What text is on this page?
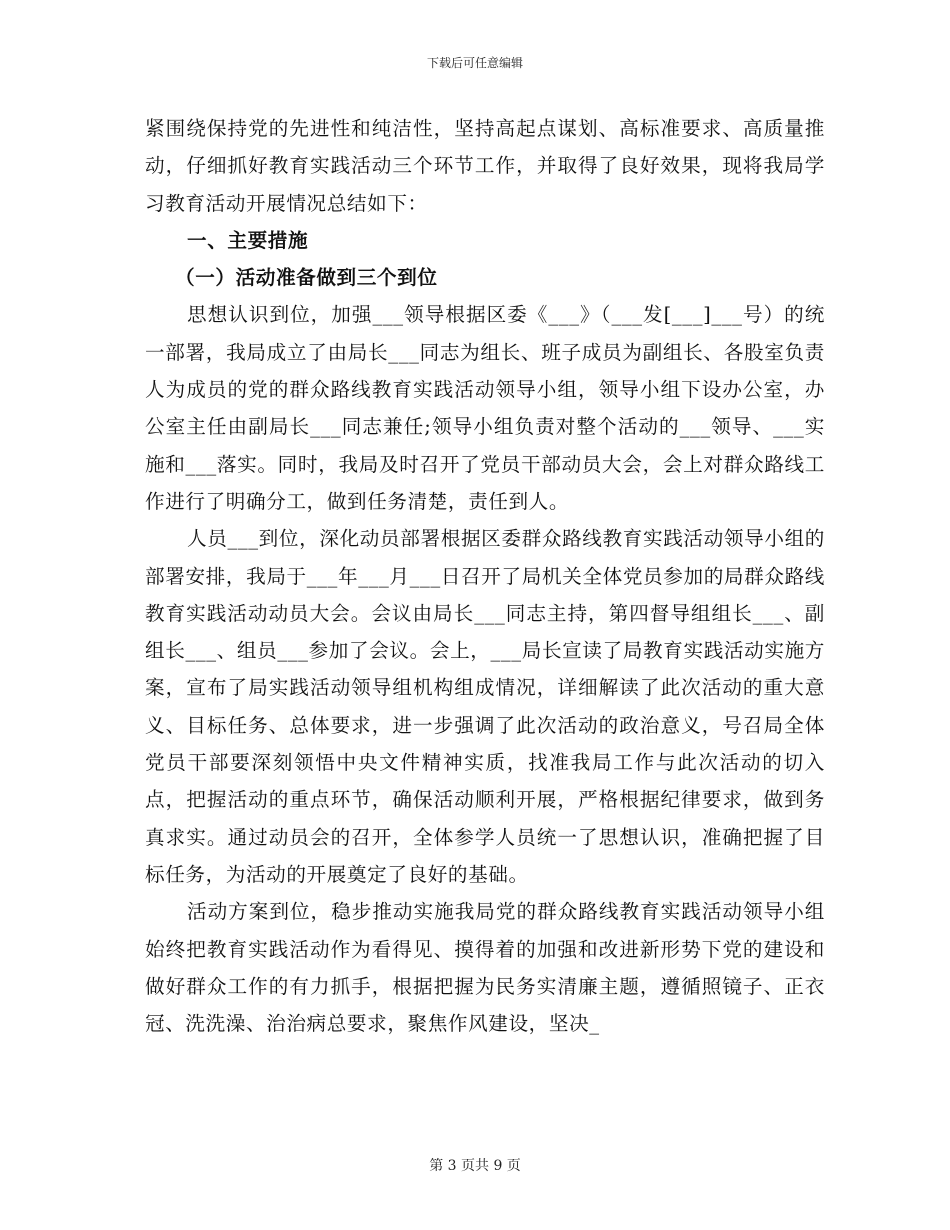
下载后可任意编辑

紧围绕保持党的先进性和纯洁性，坚持高起点谋划、高标准要求、高质量推动，仔细抓好教育实践活动三个环节工作，并取得了良好效果，现将我局学习教育活动开展情况总结如下：

一、主要措施

（一）活动准备做到三个到位

思想认识到位，加强___领导根据区委《___》（___发[___]___号）的统一部署，我局成立了由局长___同志为组长、班子成员为副组长、各股室负责人为成员的党的群众路线教育实践活动领导小组，领导小组下设办公室，办公室主任由副局长___同志兼任;领导小组负责对整个活动的___领导、___实施和___落实。同时，我局及时召开了党员干部动员大会，会上对群众路线工作进行了明确分工，做到任务清楚，责任到人。

人员___到位，深化动员部署根据区委群众路线教育实践活动领导小组的部署安排，我局于___年___月___日召开了局机关全体党员参加的局群众路线教育实践活动动员大会。会议由局长___同志主持，第四督导组组长___、副组长___、组员___参加了会议。会上，___局长宣读了局教育实践活动实施方案，宣布了局实践活动领导组机构组成情况，详细解读了此次活动的重大意义、目标任务、总体要求，进一步强调了此次活动的政治意义，号召局全体党员干部要深刻领悟中央文件精神实质，找准我局工作与此次活动的切入点，把握活动的重点环节，确保活动顺利开展，严格根据纪律要求，做到务真求实。通过动员会的召开，全体参学人员统一了思想认识，准确把握了目标任务，为活动的开展奠定了良好的基础。

活动方案到位，稳步推动实施我局党的群众路线教育实践活动领导小组始终把教育实践活动作为看得见、摸得着的加强和改进新形势下党的建设和做好群众工作的有力抓手，根据把握为民务实清廉主题，遵循照镜子、正衣冠、洗洗澡、治治病总要求，聚焦作风建设，坚决_

第 3 页共 9 页
